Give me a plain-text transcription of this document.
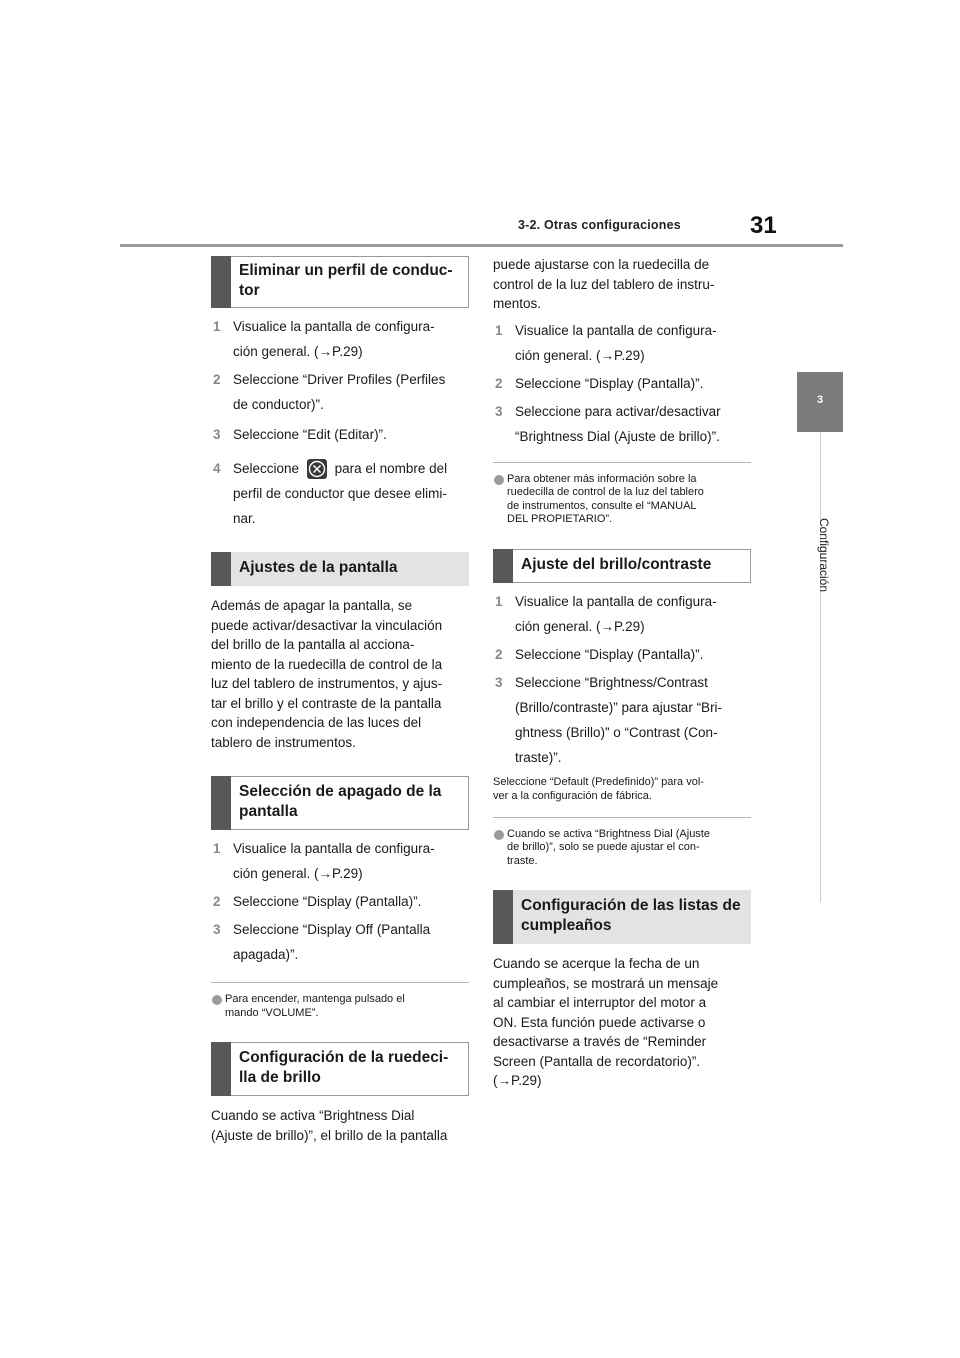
3-2. Otras configuraciones	31
3
Configuración
Eliminar un perfil de conduc-
tor
1 Visualice la pantalla de configura-
ción general. (→P.29)
2 Seleccione “Driver Profiles (Perfiles
de conductor)”.
3 Seleccione “Edit (Editar)”.
4 Seleccione	para el nombre del
perfil de conductor que desee elimi-
nar.
Ajustes de la pantalla
Además de apagar la pantalla, se
puede activar/desactivar la vinculación
del brillo de la pantalla al acciona-
miento de la ruedecilla de control de la
luz del tablero de instrumentos, y ajus-
tar el brillo y el contraste de la pantalla
con independencia de las luces del
tablero de instrumentos.
Selección de apagado de la
pantalla
1 Visualice la pantalla de configura-
ción general. (→P.29)
2 Seleccione “Display (Pantalla)”.
3 Seleccione “Display Off (Pantalla
apagada)”.
Para encender, mantenga pulsado el
mando “VOLUME”.
Configuración de la ruedeci-
lla de brillo
Cuando se activa “Brightness Dial
(Ajuste de brillo)”, el brillo de la pantalla
puede ajustarse con la ruedecilla de
control de la luz del tablero de instru-
mentos.
1 Visualice la pantalla de configura-
ción general. (→P.29)
2 Seleccione “Display (Pantalla)”.
3 Seleccione para activar/desactivar
“Brightness Dial (Ajuste de brillo)”.
Para obtener más información sobre la
ruedecilla de control de la luz del tablero
de instrumentos, consulte el “MANUAL
DEL PROPIETARIO”.
Ajuste del brillo/contraste
1 Visualice la pantalla de configura-
ción general. (→P.29)
2 Seleccione “Display (Pantalla)”.
3 Seleccione “Brightness/Contrast
(Brillo/contraste)” para ajustar “Bri-
ghtness (Brillo)” o “Contrast (Con-
traste)”.
Seleccione “Default (Predefinido)” para vol-
ver a la configuración de fábrica.
Cuando se activa “Brightness Dial (Ajuste
de brillo)”, solo se puede ajustar el con-
traste.
Configuración de las listas de
cumpleaños
Cuando se acerque la fecha de un
cumpleaños, se mostrará un mensaje
al cambiar el interruptor del motor a
ON. Esta función puede activarse o
desactivarse a través de “Reminder
Screen (Pantalla de recordatorio)”.
(→P.29)
